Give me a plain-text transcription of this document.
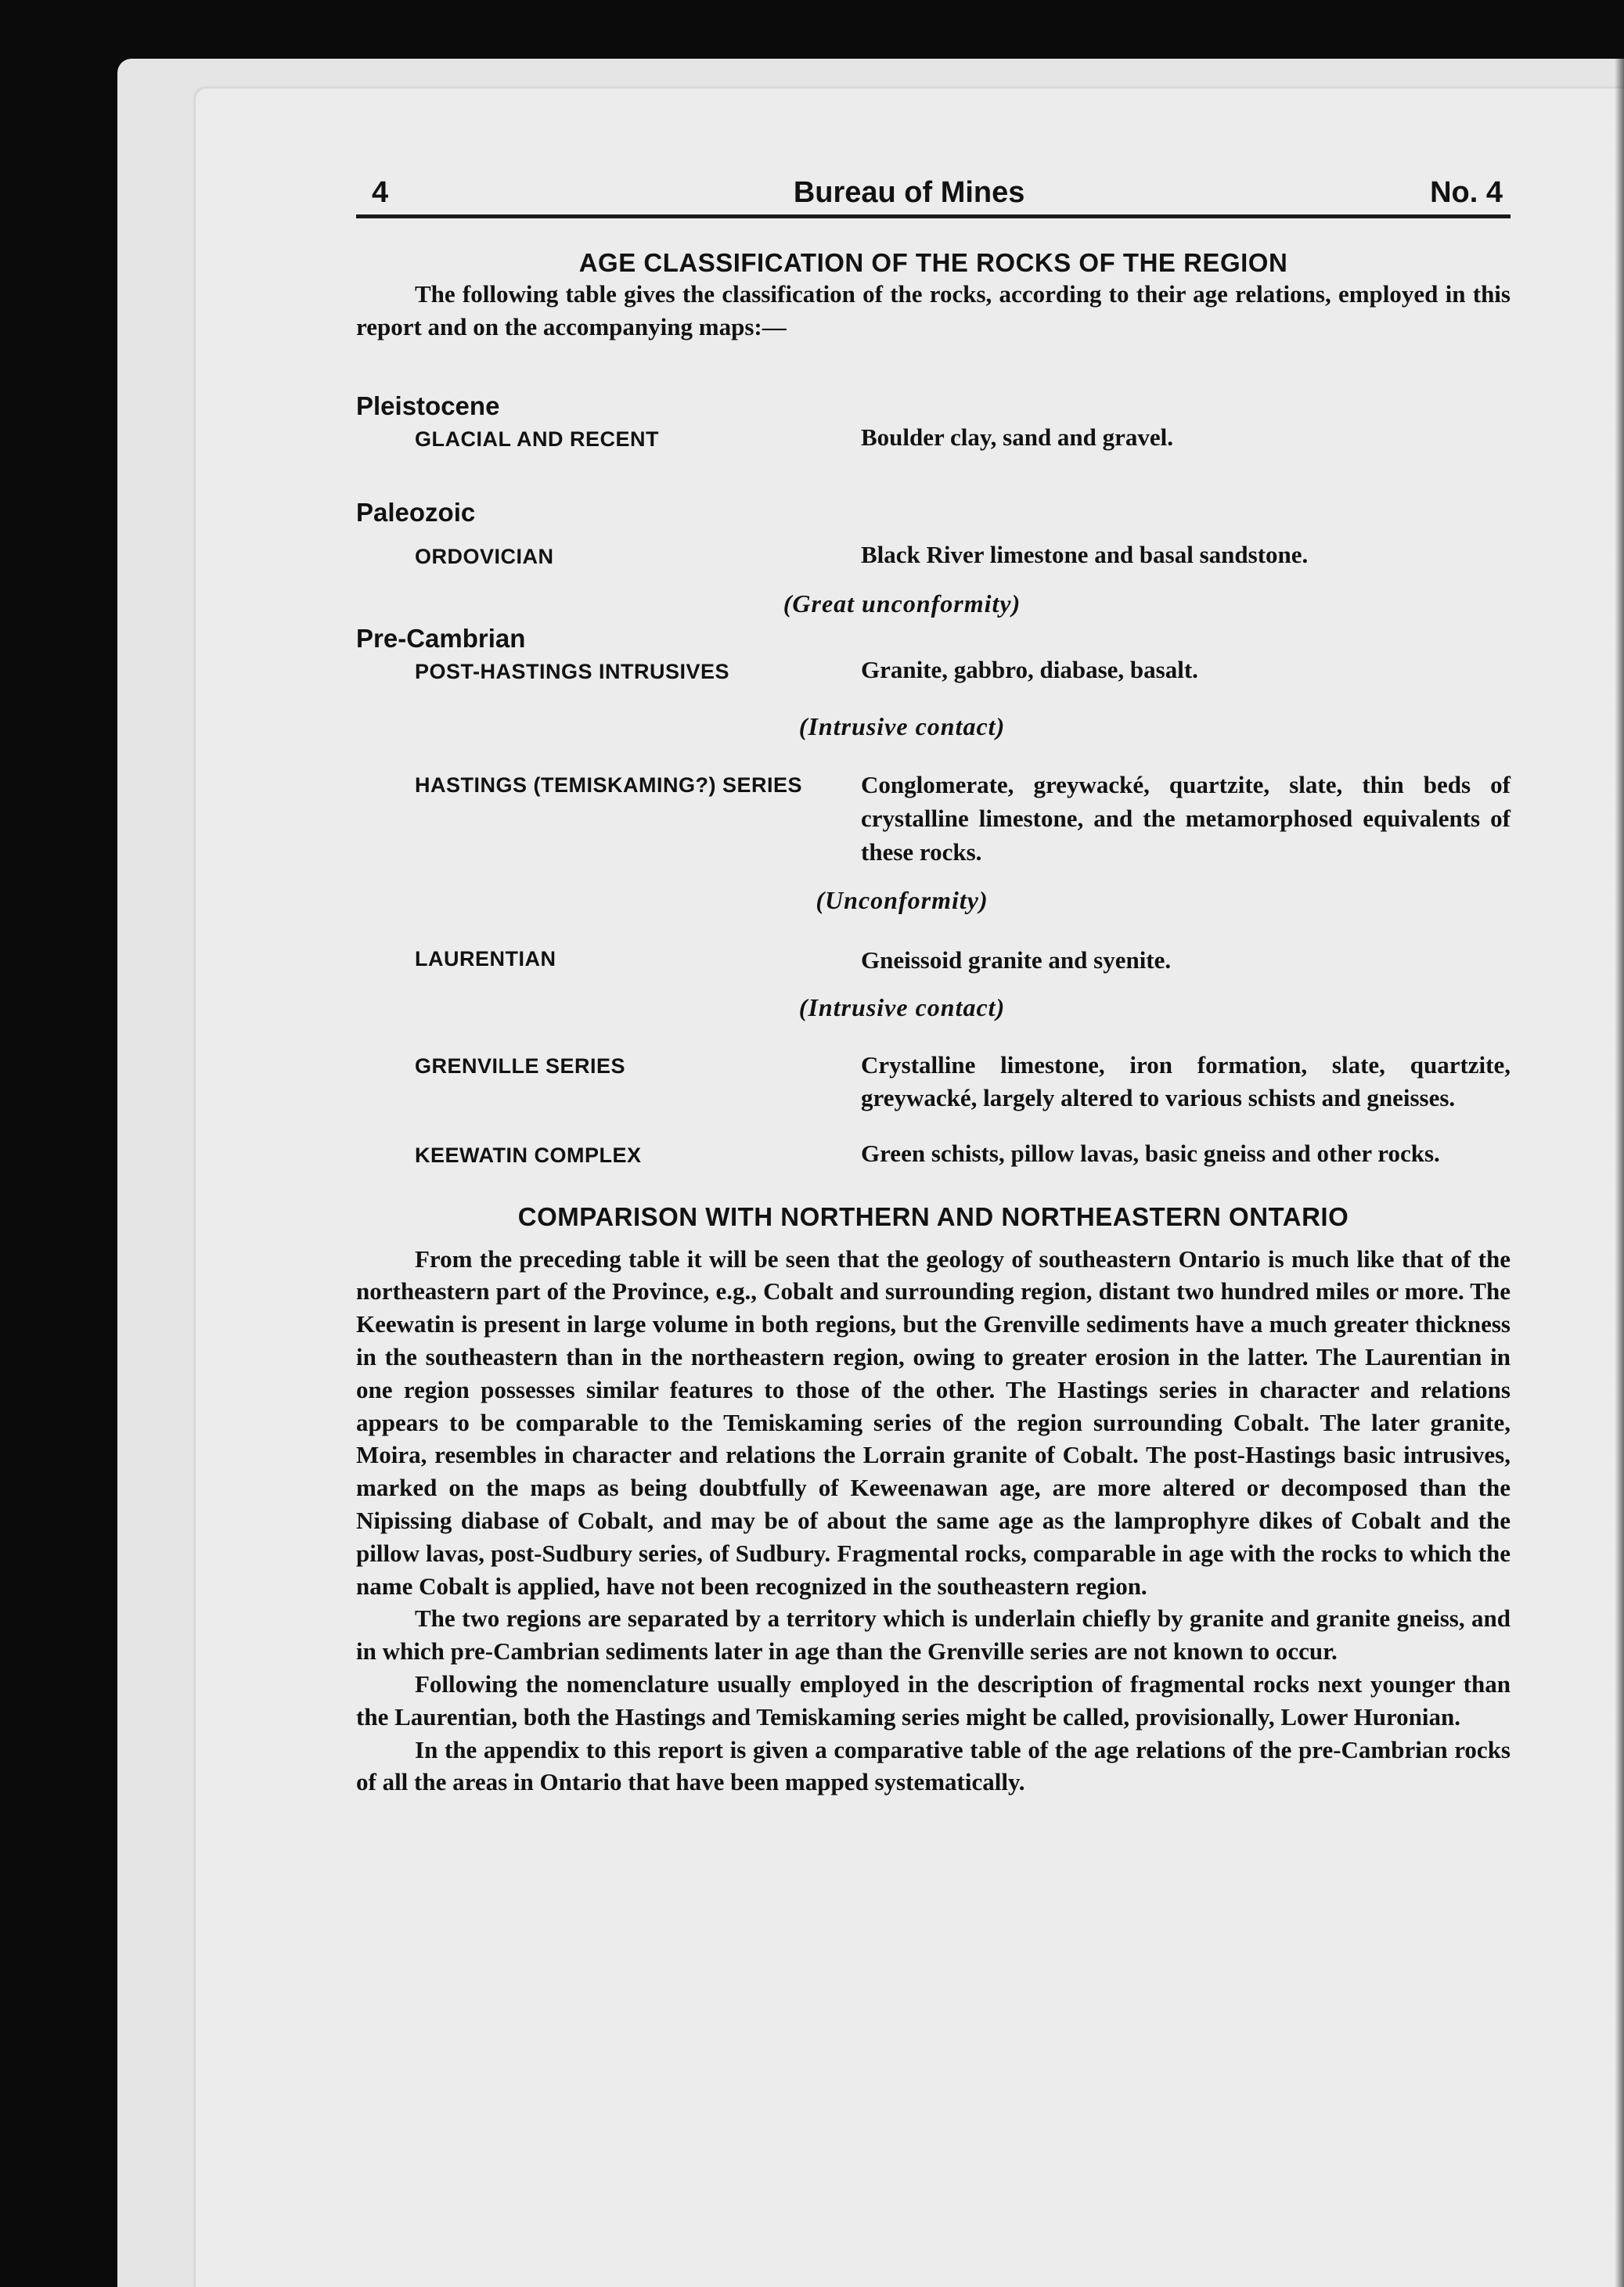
4	Bureau of Mines	No. 4
AGE CLASSIFICATION OF THE ROCKS OF THE REGION

The following table gives the classification of the rocks, according to their age relations, employed in this report and on the accompanying maps:—

Pleistocene
GLACIAL AND RECENT	Boulder clay, sand and gravel.
Paleozoic
ORDOVICIAN	Black River limestone and basal sandstone.
(Great unconformity)
Pre-Cambrian
POST-HASTINGS INTRUSIVES	Granite, gabbro, diabase, basalt.
(Intrusive contact)
HASTINGS (TEMISKAMING?) SERIES	Conglomerate, greywacké, quartzite, slate, thin beds of crystalline limestone, and the metamorphosed equivalents of these rocks.
(Unconformity)
LAURENTIAN	Gneissoid granite and syenite.
(Intrusive contact)
GRENVILLE SERIES	Crystalline limestone, iron formation, slate, quartzite, greywacké, largely altered to various schists and gneisses.
KEEWATIN COMPLEX	Green schists, pillow lavas, basic gneiss and other rocks.
COMPARISON WITH NORTHERN AND NORTHEASTERN ONTARIO

From the preceding table it will be seen that the geology of southeastern Ontario is much like that of the northeastern part of the Province, e.g., Cobalt and surrounding region, distant two hundred miles or more. The Keewatin is present in large volume in both regions, but the Grenville sediments have a much greater thickness in the southeastern than in the northeastern region, owing to greater erosion in the latter. The Laurentian in one region possesses similar features to those of the other. The Hastings series in character and relations appears to be comparable to the Temiskaming series of the region surrounding Cobalt. The later granite, Moira, resembles in character and relations the Lorrain granite of Cobalt. The post-Hastings basic intrusives, marked on the maps as being doubtfully of Keweenawan age, are more altered or decomposed than the Nipissing diabase of Cobalt, and may be of about the same age as the lamprophyre dikes of Cobalt and the pillow lavas, post-Sudbury series, of Sudbury. Fragmental rocks, comparable in age with the rocks to which the name Cobalt is applied, have not been recognized in the southeastern region.

The two regions are separated by a territory which is underlain chiefly by granite and granite gneiss, and in which pre-Cambrian sediments later in age than the Grenville series are not known to occur.

Following the nomenclature usually employed in the description of fragmental rocks next younger than the Laurentian, both the Hastings and Temiskaming series might be called, provisionally, Lower Huronian.

In the appendix to this report is given a comparative table of the age relations of the pre-Cambrian rocks of all the areas in Ontario that have been mapped systematically.
